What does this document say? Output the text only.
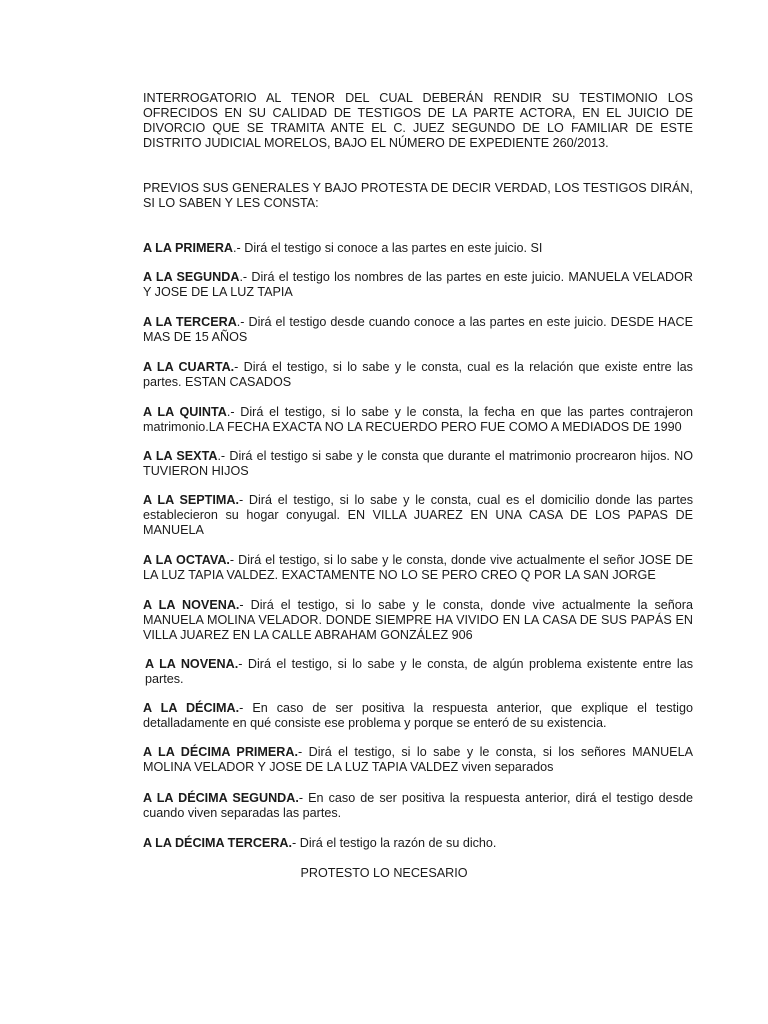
INTERROGATORIO AL TENOR DEL CUAL DEBERÁN RENDIR SU TESTIMONIO LOS OFRECIDOS EN SU CALIDAD DE TESTIGOS DE LA PARTE ACTORA, EN EL JUICIO DE DIVORCIO QUE SE TRAMITA ANTE EL C. JUEZ SEGUNDO DE LO FAMILIAR DE ESTE DISTRITO JUDICIAL MORELOS, BAJO EL NÚMERO DE EXPEDIENTE 260/2013.

PREVIOS SUS GENERALES Y BAJO PROTESTA DE DECIR VERDAD, LOS TESTIGOS DIRÁN, SI LO SABEN Y LES CONSTA:

A LA PRIMERA.- Dirá el testigo si conoce a las partes en este juicio. SI

A LA SEGUNDA.- Dirá el testigo los nombres de las partes en este juicio. MANUELA VELADOR Y JOSE DE LA LUZ TAPIA

A LA TERCERA.- Dirá el testigo desde cuando conoce a las partes en este juicio. DESDE HACE MAS DE 15 AÑOS

A LA CUARTA.- Dirá el testigo, si lo sabe y le consta, cual es la relación que existe entre las partes. ESTAN CASADOS

A LA QUINTA.- Dirá el testigo, si lo sabe y le consta, la fecha en que las partes contrajeron matrimonio.LA FECHA EXACTA NO LA RECUERDO PERO FUE COMO A MEDIADOS DE 1990

A LA SEXTA.- Dirá el testigo si sabe y le consta que durante el matrimonio procrearon hijos. NO TUVIERON HIJOS

A LA SEPTIMA.- Dirá el testigo, si lo sabe y le consta, cual es el domicilio donde las partes establecieron su hogar conyugal. EN VILLA JUAREZ EN UNA CASA DE LOS PAPAS DE MANUELA

A LA OCTAVA.- Dirá el testigo, si lo sabe y le consta, donde vive actualmente el señor JOSE DE LA LUZ TAPIA VALDEZ. EXACTAMENTE NO LO SE PERO CREO Q POR LA SAN JORGE

A LA NOVENA.- Dirá el testigo, si lo sabe y le consta, donde vive actualmente la señora MANUELA MOLINA VELADOR. DONDE SIEMPRE HA VIVIDO EN LA CASA DE SUS PAPÁS EN VILLA JUAREZ EN LA CALLE ABRAHAM GONZÁLEZ 906

A LA NOVENA.- Dirá el testigo, si lo sabe y le consta, de algún problema existente entre las partes.

A LA DÉCIMA.- En caso de ser positiva la respuesta anterior, que explique el testigo detalladamente en qué consiste ese problema y porque se enteró de su existencia.

A LA DÉCIMA PRIMERA.- Dirá el testigo, si lo sabe y le consta, si los señores MANUELA MOLINA VELADOR Y JOSE DE LA LUZ TAPIA VALDEZ viven separados

A LA DÉCIMA SEGUNDA.- En caso de ser positiva la respuesta anterior, dirá el testigo desde cuando viven separadas las partes.

A LA DÉCIMA TERCERA.- Dirá el testigo la razón de su dicho.

PROTESTO LO NECESARIO
